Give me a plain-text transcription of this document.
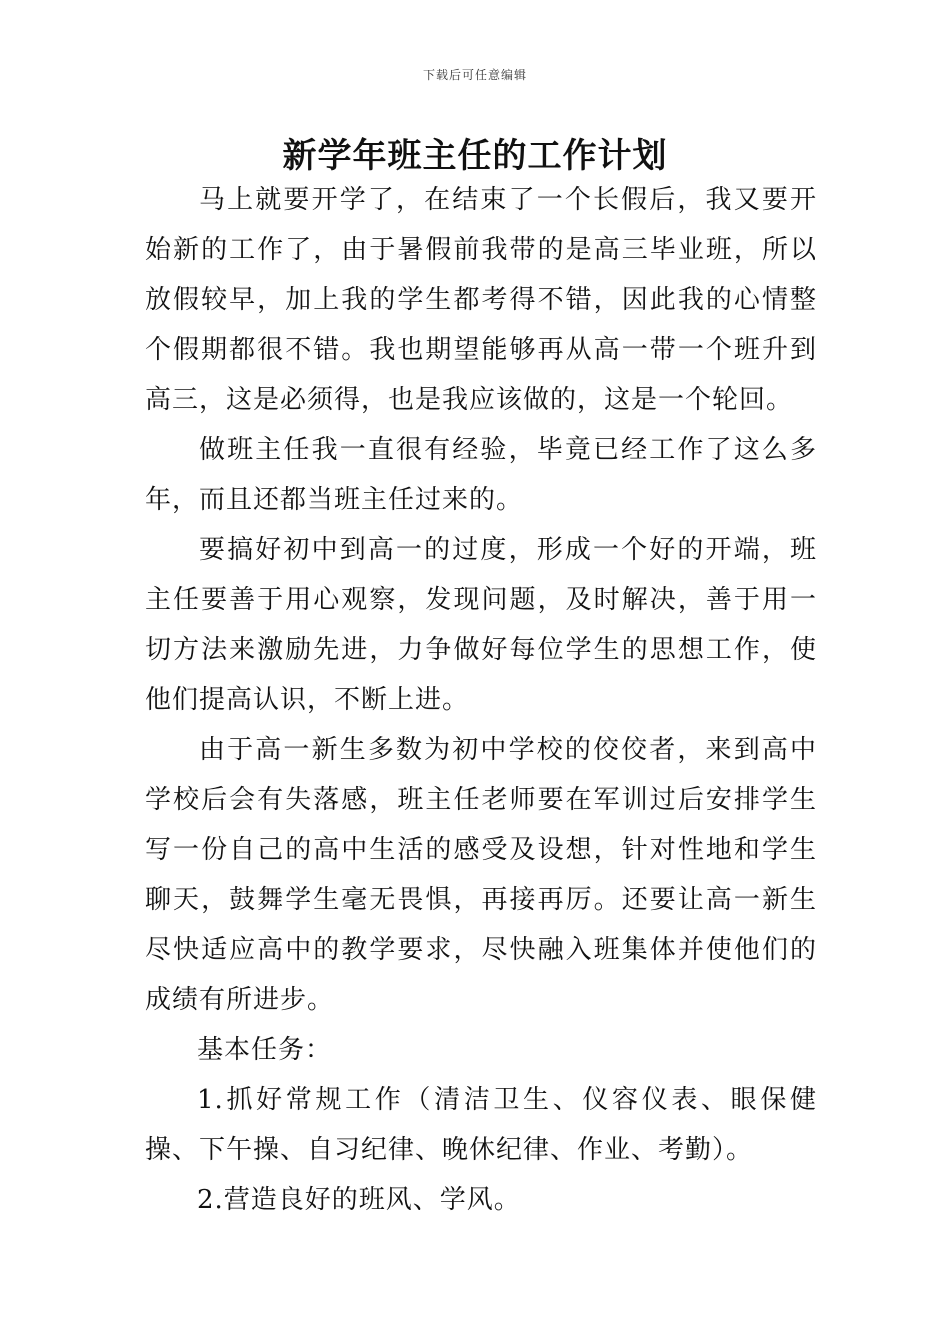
下载后可任意编辑
新学年班主任的工作计划

马上就要开学了，在结束了一个长假后，我又要开始新的工作了，由于暑假前我带的是高三毕业班，所以放假较早，加上我的学生都考得不错，因此我的心情整个假期都很不错。我也期望能够再从高一带一个班升到高三，这是必须得，也是我应该做的，这是一个轮回。

做班主任我一直很有经验，毕竟已经工作了这么多年，而且还都当班主任过来的。

要搞好初中到高一的过度，形成一个好的开端，班主任要善于用心观察，发现问题，及时解决，善于用一切方法来激励先进，力争做好每位学生的思想工作，使他们提高认识，不断上进。

由于高一新生多数为初中学校的佼佼者，来到高中学校后会有失落感，班主任老师要在军训过后安排学生写一份自己的高中生活的感受及设想，针对性地和学生聊天，鼓舞学生毫无畏惧，再接再厉。还要让高一新生尽快适应高中的教学要求，尽快融入班集体并使他们的成绩有所进步。

基本任务：

1.抓好常规工作（清洁卫生、仪容仪表、眼保健操、下午操、自习纪律、晚休纪律、作业、考勤）。

2.营造良好的班风、学风。
